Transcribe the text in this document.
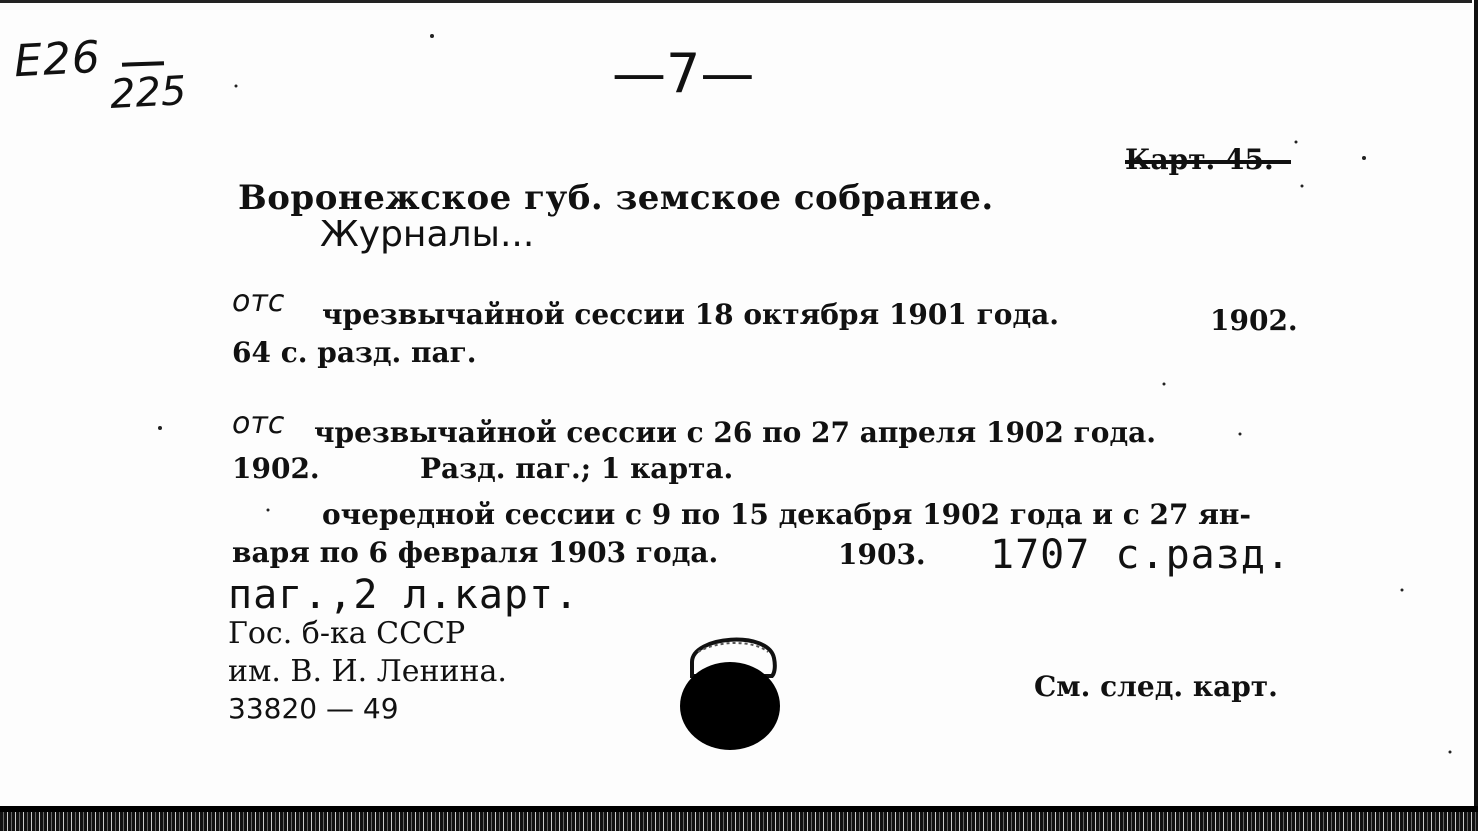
E26
225	—7—
Воронежское губ. земское собрание.
Журналы...
отс чрезвычайной сессии 18 октября 1901 года.	1902.
64 с. разд. паг.
отс чрезвычайной сессии с 26 по 27 апреля 1902 года.
1902.	Разд. паг.; 1 карта.
очередной сессии с 9 по 15 декабря 1902 года и с 27 ян-
варя по 6 февраля 1903 года.	1903. 1707 с.разд.
паг.,2 л.карт.
Гос. б-ка СССР
им. В. И. Ленина.
33820 — 49
См. след. карт.
